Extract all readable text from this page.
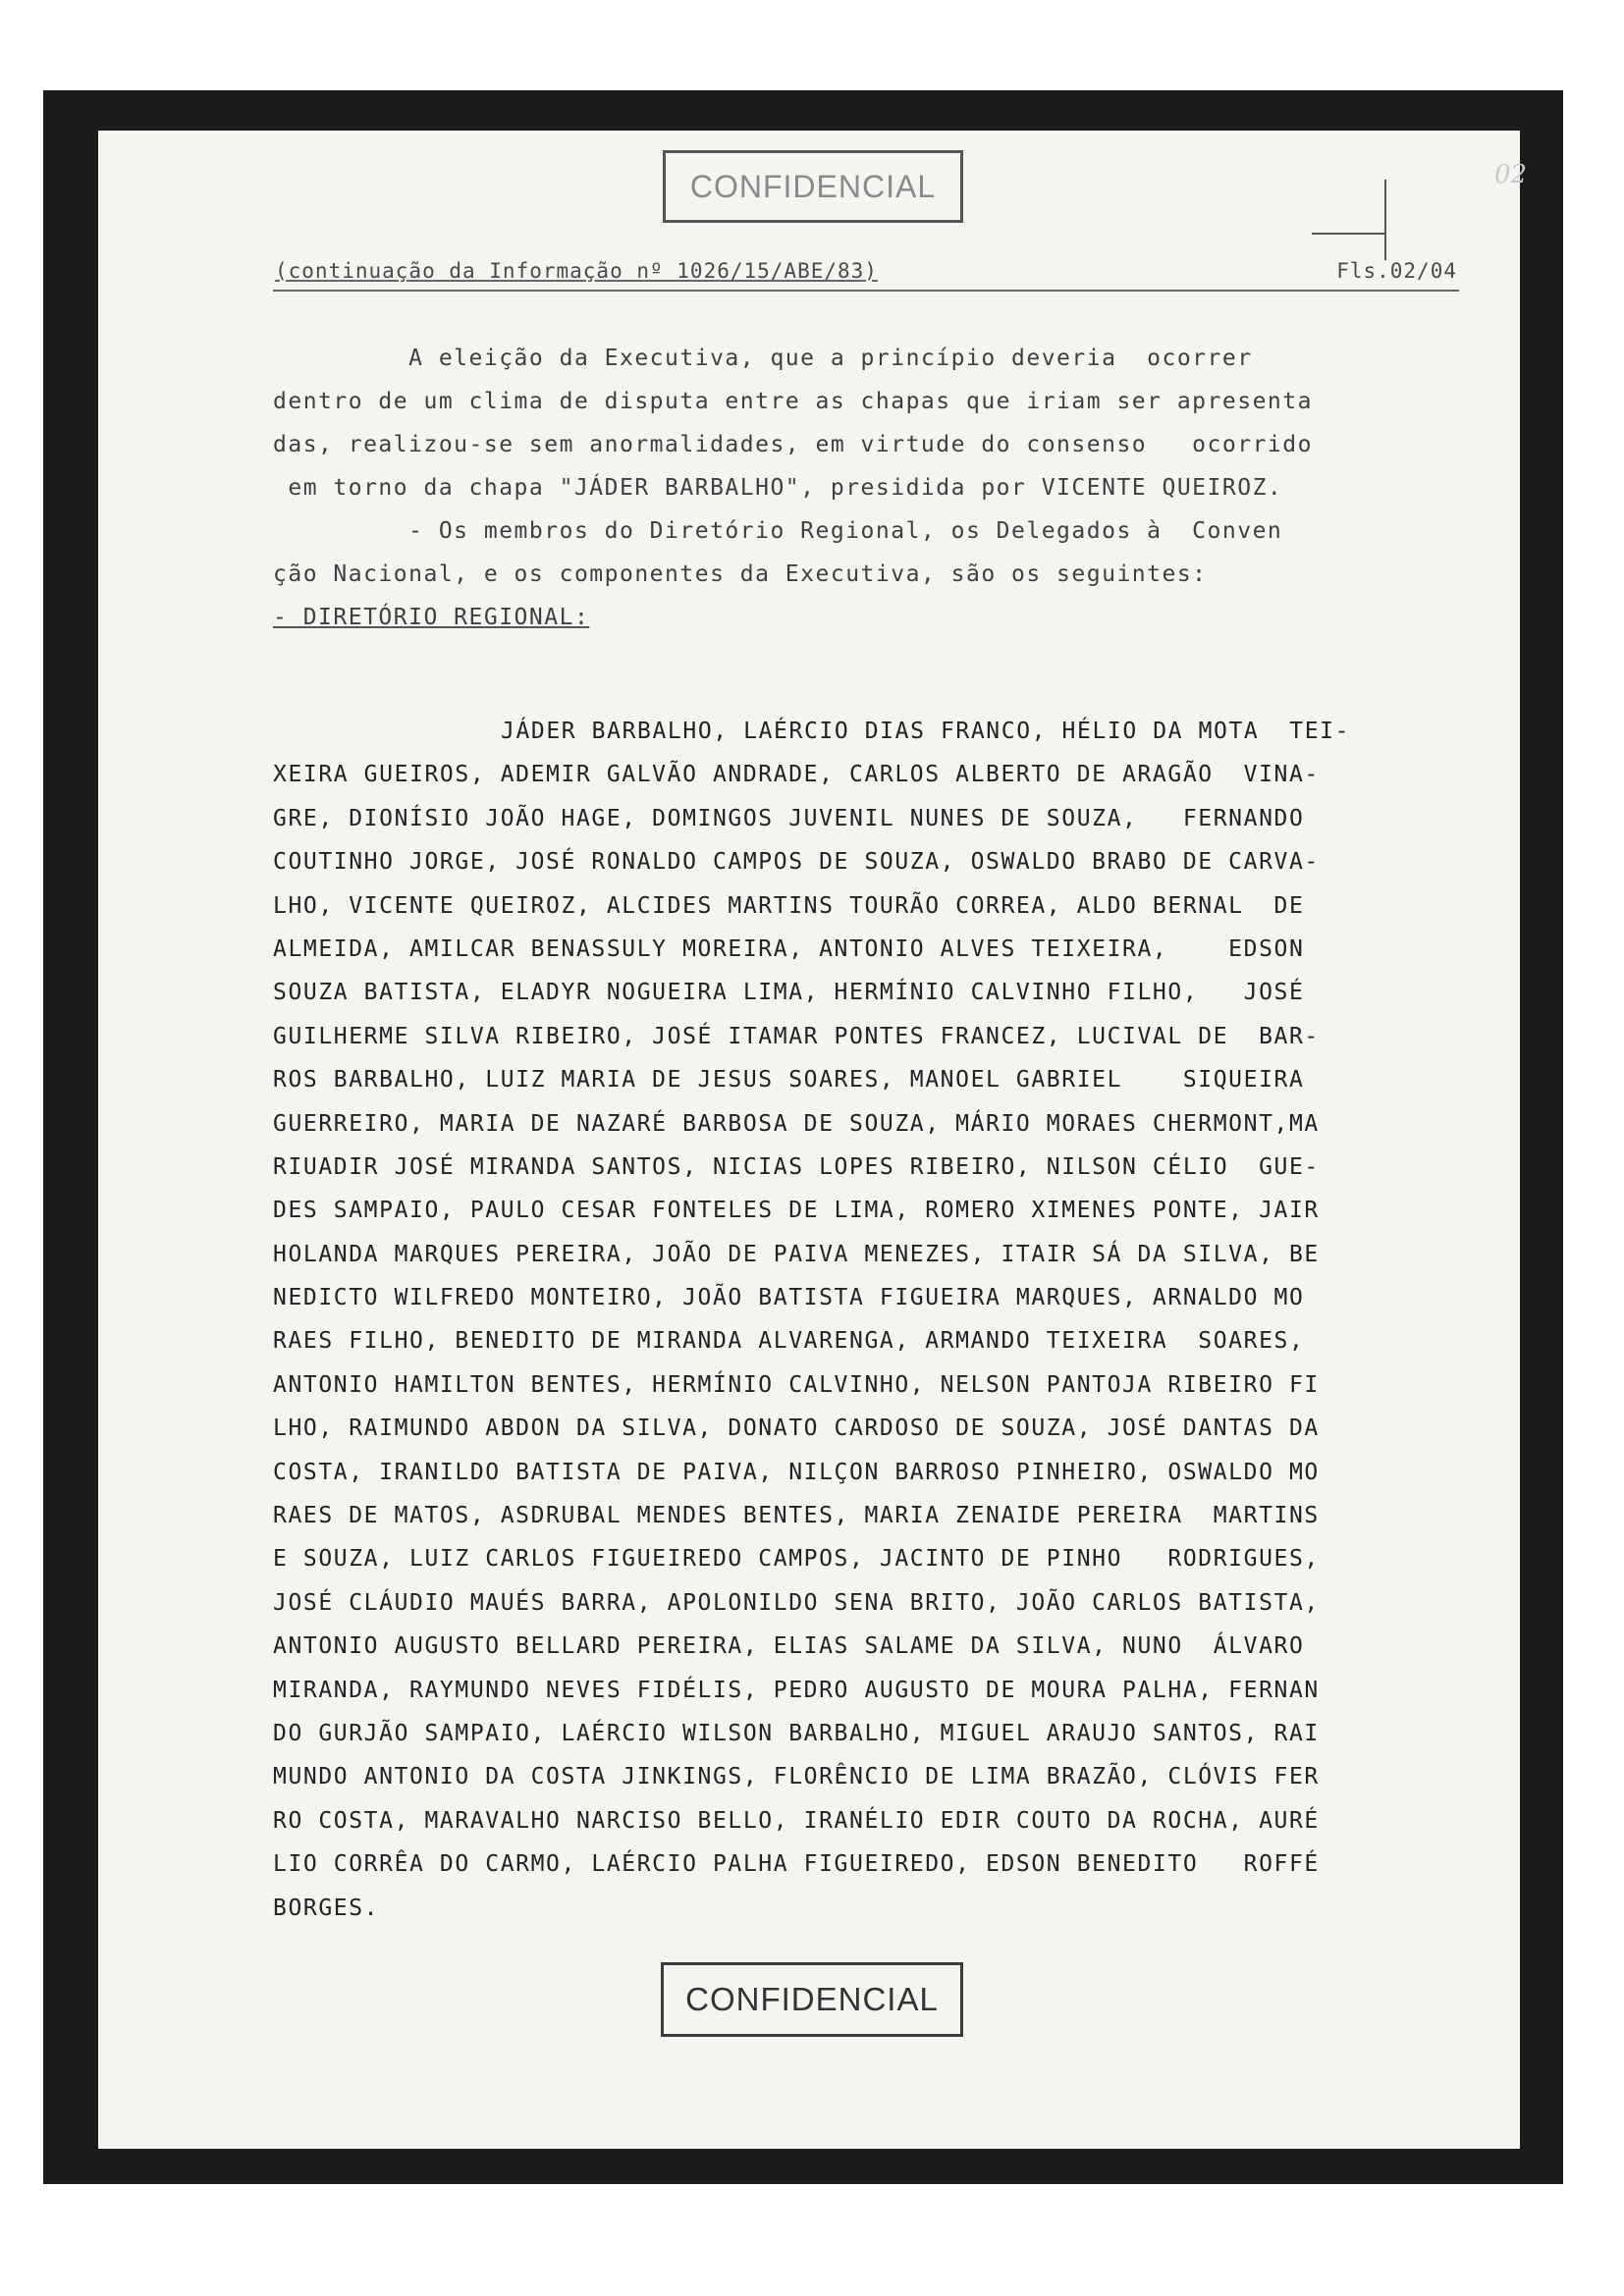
CONFIDENCIAL	02
(continuação da Informação nº 1026/15/ABE/83)	Fls.02/04
A eleição da Executiva, que a princípio deveria  ocorrer
dentro de um clima de disputa entre as chapas que iriam ser apresenta
das, realizou-se sem anormalidades, em virtude do consenso   ocorrido
em torno da chapa "JÁDER BARBALHO", presidida por VICENTE QUEIROZ.
- Os membros do Diretório Regional, os Delegados à  Conven
ção Nacional, e os componentes da Executiva, são os seguintes:
- DIRETÓRIO REGIONAL:
JÁDER BARBALHO, LAÉRCIO DIAS FRANCO, HÉLIO DA MOTA  TEI-
XEIRA GUEIROS, ADEMIR GALVÃO ANDRADE, CARLOS ALBERTO DE ARAGÃO  VINA-
GRE, DIONÍSIO JOÃO HAGE, DOMINGOS JUVENIL NUNES DE SOUZA,   FERNANDO
COUTINHO JORGE, JOSÉ RONALDO CAMPOS DE SOUZA, OSWALDO BRABO DE CARVA-
LHO, VICENTE QUEIROZ, ALCIDES MARTINS TOURÃO CORREA, ALDO BERNAL  DE
ALMEIDA, AMILCAR BENASSULY MOREIRA, ANTONIO ALVES TEIXEIRA,    EDSON
SOUZA BATISTA, ELADYR NOGUEIRA LIMA, HERMÍNIO CALVINHO FILHO,   JOSÉ
GUILHERME SILVA RIBEIRO, JOSÉ ITAMAR PONTES FRANCEZ, LUCIVAL DE  BAR-
ROS BARBALHO, LUIZ MARIA DE JESUS SOARES, MANOEL GABRIEL    SIQUEIRA
GUERREIRO, MARIA DE NAZARÉ BARBOSA DE SOUZA, MÁRIO MORAES CHERMONT,MA
RIUADIR JOSÉ MIRANDA SANTOS, NICIAS LOPES RIBEIRO, NILSON CÉLIO  GUE-
DES SAMPAIO, PAULO CESAR FONTELES DE LIMA, ROMERO XIMENES PONTE, JAIR
HOLANDA MARQUES PEREIRA, JOÃO DE PAIVA MENEZES, ITAIR SÁ DA SILVA, BE
NEDICTO WILFREDO MONTEIRO, JOÃO BATISTA FIGUEIRA MARQUES, ARNALDO MO
RAES FILHO, BENEDITO DE MIRANDA ALVARENGA, ARMANDO TEIXEIRA  SOARES,
ANTONIO HAMILTON BENTES, HERMÍNIO CALVINHO, NELSON PANTOJA RIBEIRO FI
LHO, RAIMUNDO ABDON DA SILVA, DONATO CARDOSO DE SOUZA, JOSÉ DANTAS DA
COSTA, IRANILDO BATISTA DE PAIVA, NILÇON BARROSO PINHEIRO, OSWALDO MO
RAES DE MATOS, ASDRUBAL MENDES BENTES, MARIA ZENAIDE PEREIRA  MARTINS
E SOUZA, LUIZ CARLOS FIGUEIREDO CAMPOS, JACINTO DE PINHO   RODRIGUES,
JOSÉ CLÁUDIO MAUÉS BARRA, APOLONILDO SENA BRITO, JOÃO CARLOS BATISTA,
ANTONIO AUGUSTO BELLARD PEREIRA, ELIAS SALAME DA SILVA, NUNO  ÁLVARO
MIRANDA, RAYMUNDO NEVES FIDÉLIS, PEDRO AUGUSTO DE MOURA PALHA, FERNAN
DO GURJÃO SAMPAIO, LAÉRCIO WILSON BARBALHO, MIGUEL ARAUJO SANTOS, RAI
MUNDO ANTONIO DA COSTA JINKINGS, FLORÊNCIO DE LIMA BRAZÃO, CLÓVIS FER
RO COSTA, MARAVALHO NARCISO BELLO, IRANÉLIO EDIR COUTO DA ROCHA, AURÉ
LIO CORRÊA DO CARMO, LAÉRCIO PALHA FIGUEIREDO, EDSON BENEDITO   ROFFÉ
BORGES.
CONFIDENCIAL
